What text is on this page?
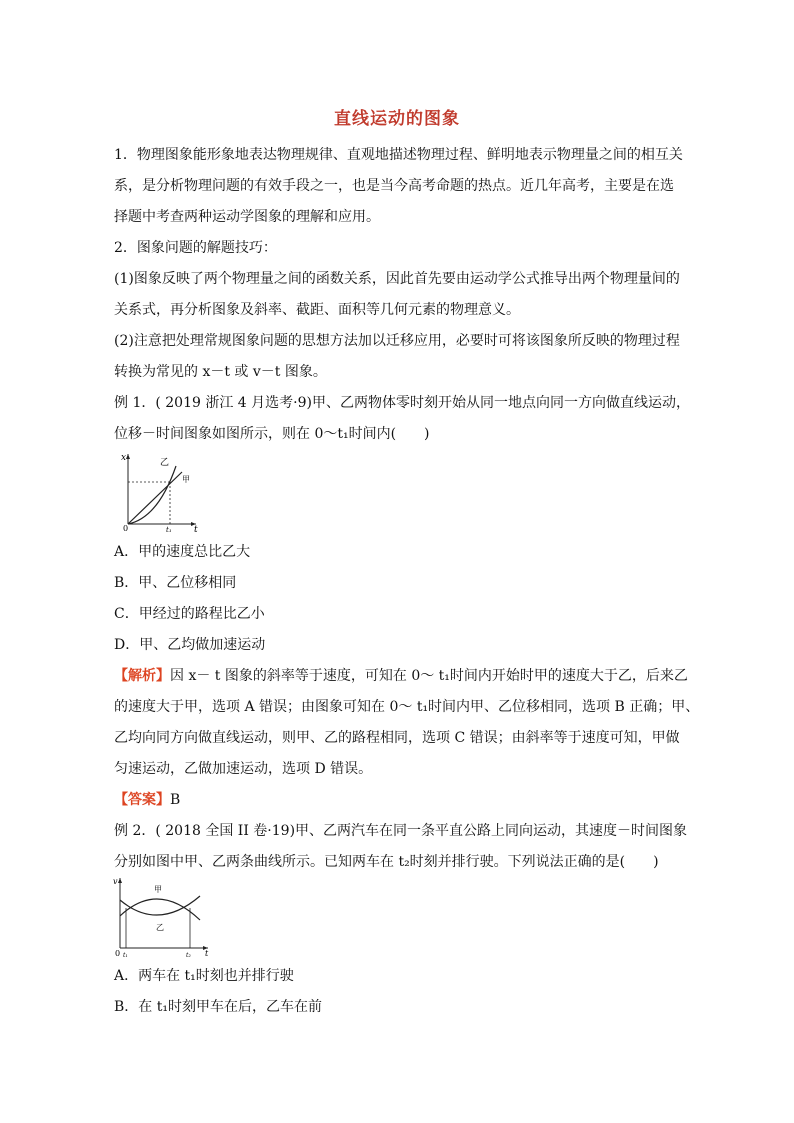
直线运动的图象
1．物理图象能形象地表达物理规律、直观地描述物理过程、鲜明地表示物理量之间的相互关
系，是分析物理问题的有效手段之一，也是当今高考命题的热点。近几年高考，主要是在选
择题中考查两种运动学图象的理解和应用。
2．图象问题的解题技巧：
(1)图象反映了两个物理量之间的函数关系，因此首先要由运动学公式推导出两个物理量间的
关系式，再分析图象及斜率、截距、面积等几何元素的物理意义。
(2)注意把处理常规图象问题的思想方法加以迁移应用，必要时可将该图象所反映的物理过程
转换为常见的 x－t 或 v－t 图象。
例 1．( 2019 浙江 4 月选考·9)甲、乙两物体零时刻开始从同一地点向同一方向做直线运动，
位移－时间图象如图所示，则在 0～t₁时间内(　　)
x
t
0	t₁
乙
甲
A．甲的速度总比乙大
B．甲、乙位移相同
C．甲经过的路程比乙小
D．甲、乙均做加速运动
【解析】因 x－ t 图象的斜率等于速度，可知在 0～ t₁时间内开始时甲的速度大于乙，后来乙
的速度大于甲，选项 A 错误；由图象可知在 0～ t₁时间内甲、乙位移相同，选项 B 正确；甲、
乙均向同方向做直线运动，则甲、乙的路程相同，选项 C 错误；由斜率等于速度可知，甲做
匀速运动，乙做加速运动，选项 D 错误。
【答案】B
例 2．( 2018 全国 II 卷·19)甲、乙两汽车在同一条平直公路上同向运动，其速度－时间图象
分别如图中甲、乙两条曲线所示。已知两车在 t₂时刻并排行驶。下列说法正确的是(　　)
v
t
0 t₁	t₂
甲
乙
A．两车在 t₁时刻也并排行驶
B．在 t₁时刻甲车在后，乙车在前
